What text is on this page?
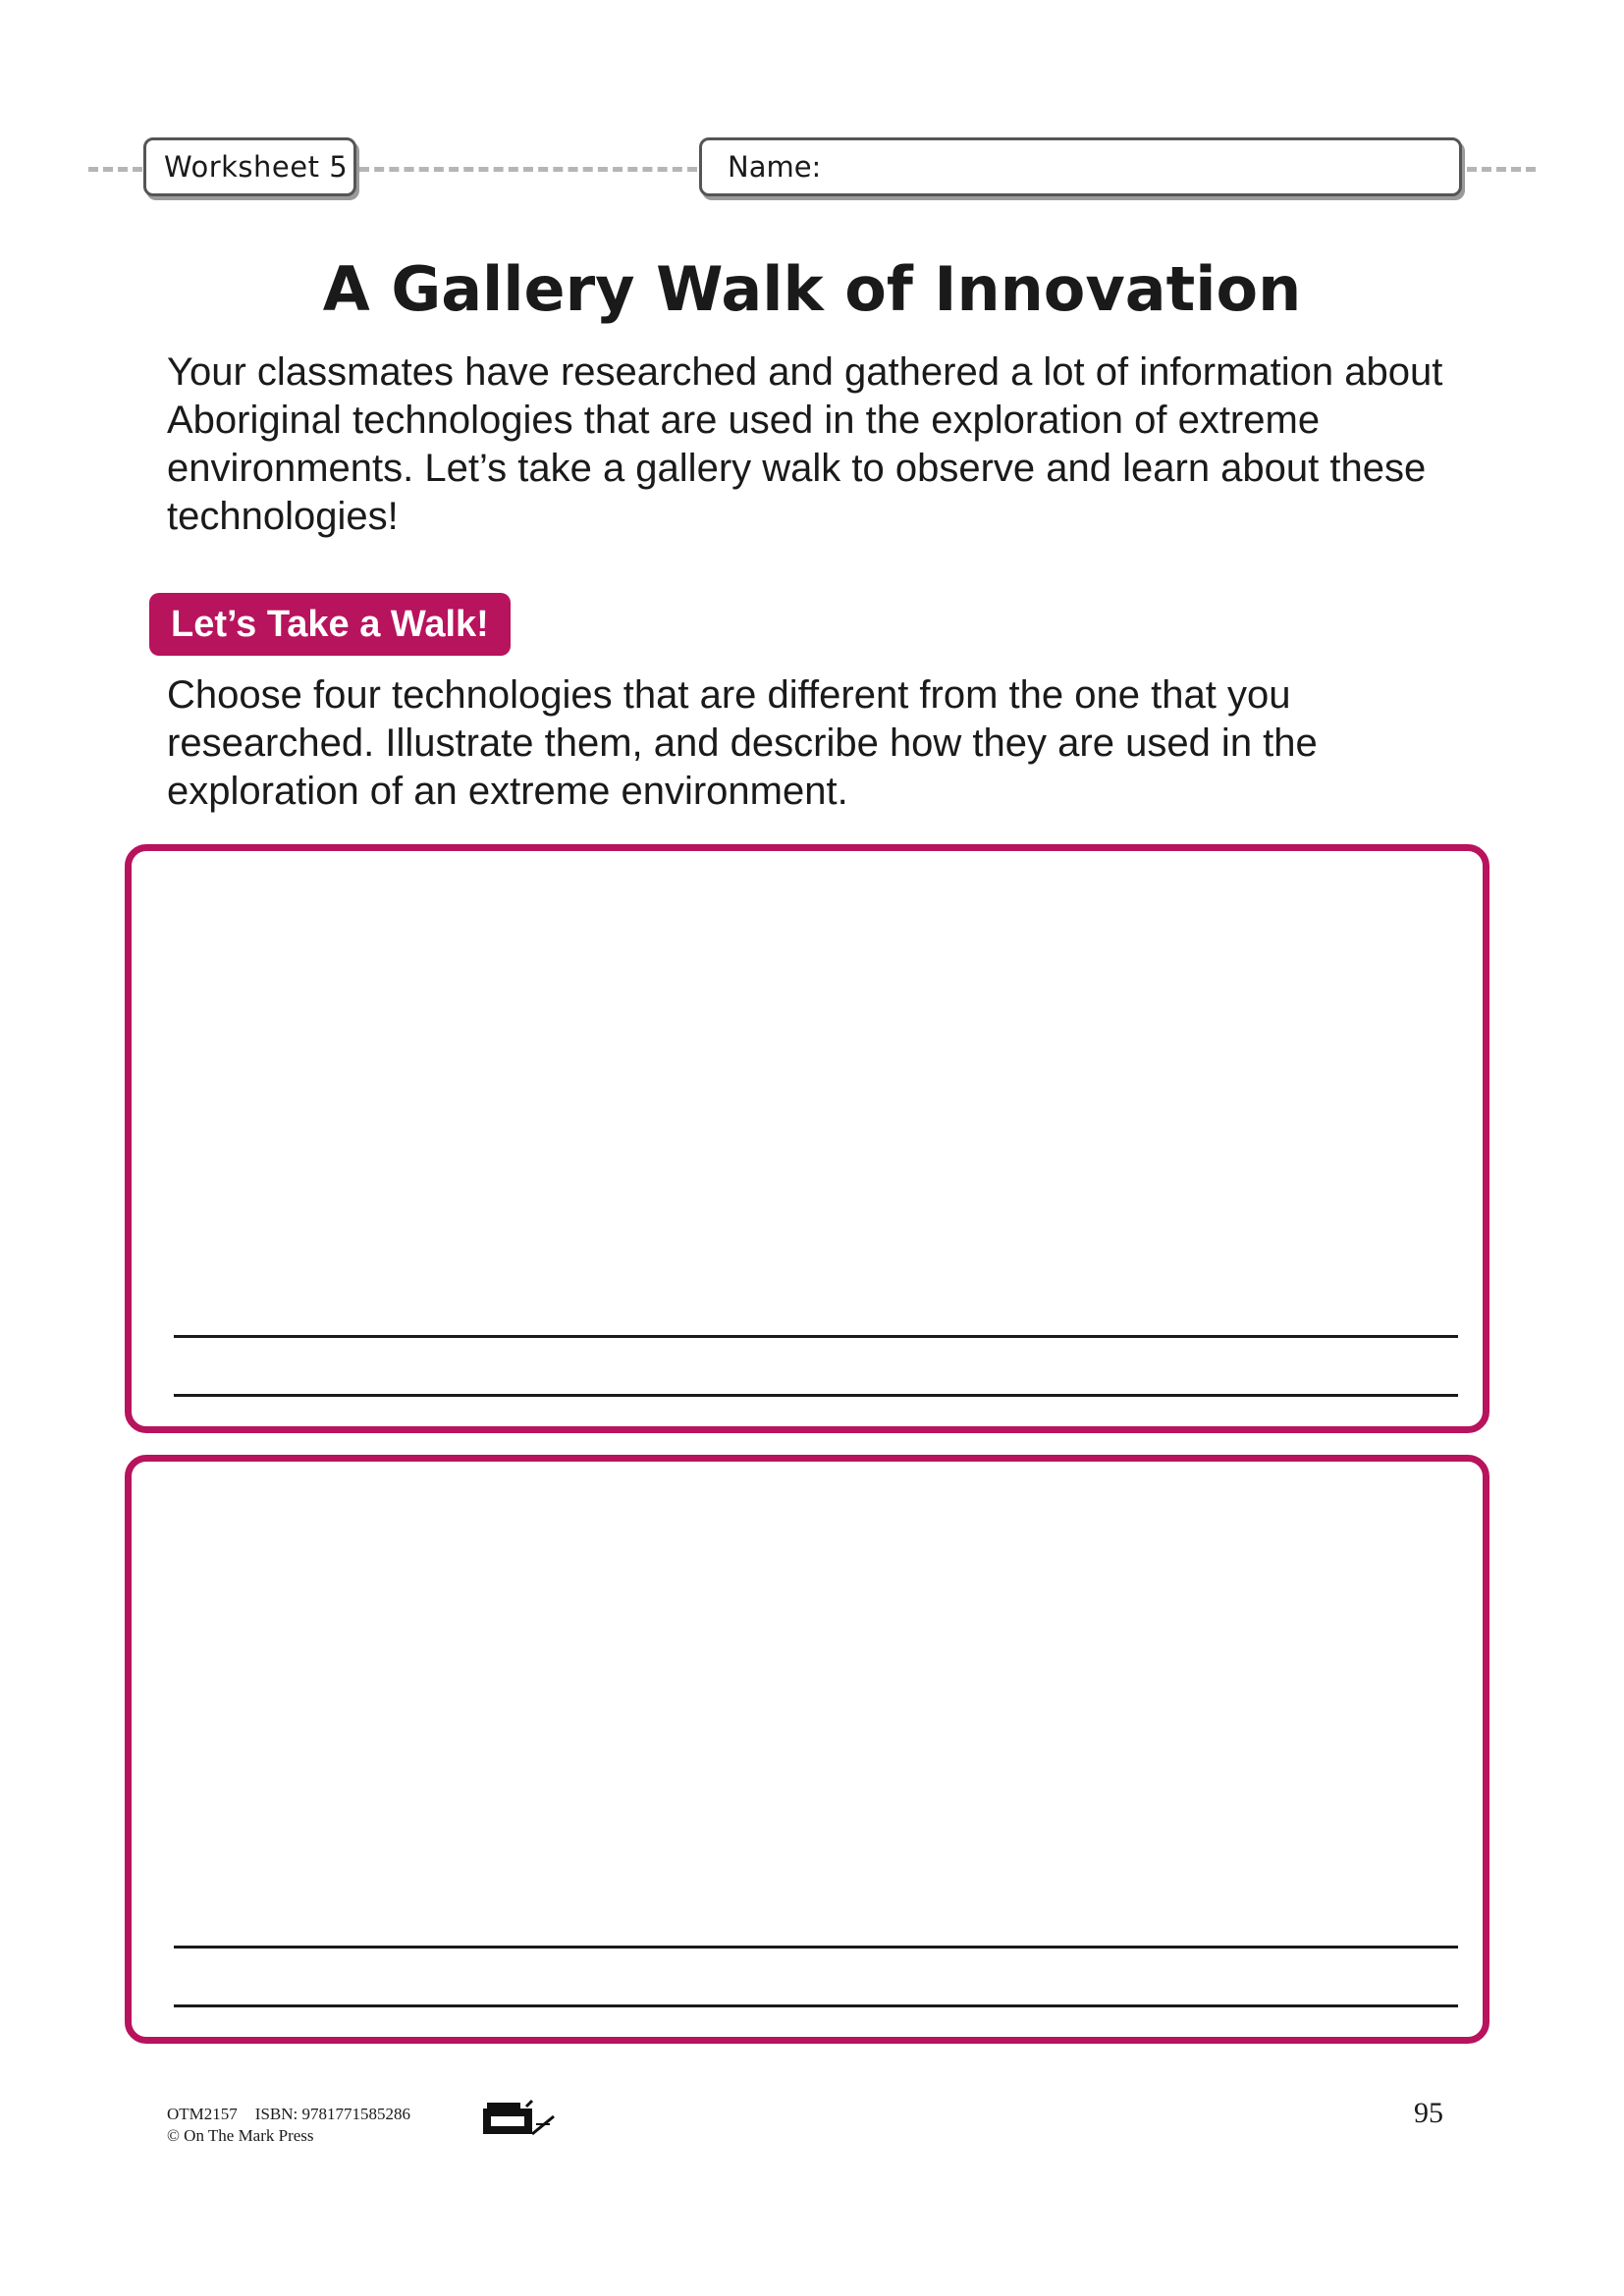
Worksheet 5	Name:
A Gallery Walk of Innovation

Your classmates have researched and gathered a lot of information about Aboriginal technologies that are used in the exploration of extreme environments. Let’s take a gallery walk to observe and learn about these technologies!

Let’s Take a Walk!

Choose four technologies that are different from the one that you researched. Illustrate them, and describe how they are used in the exploration of an extreme environment.

OTM2157 ISBN: 9781771585286
© On The Mark Press
95
